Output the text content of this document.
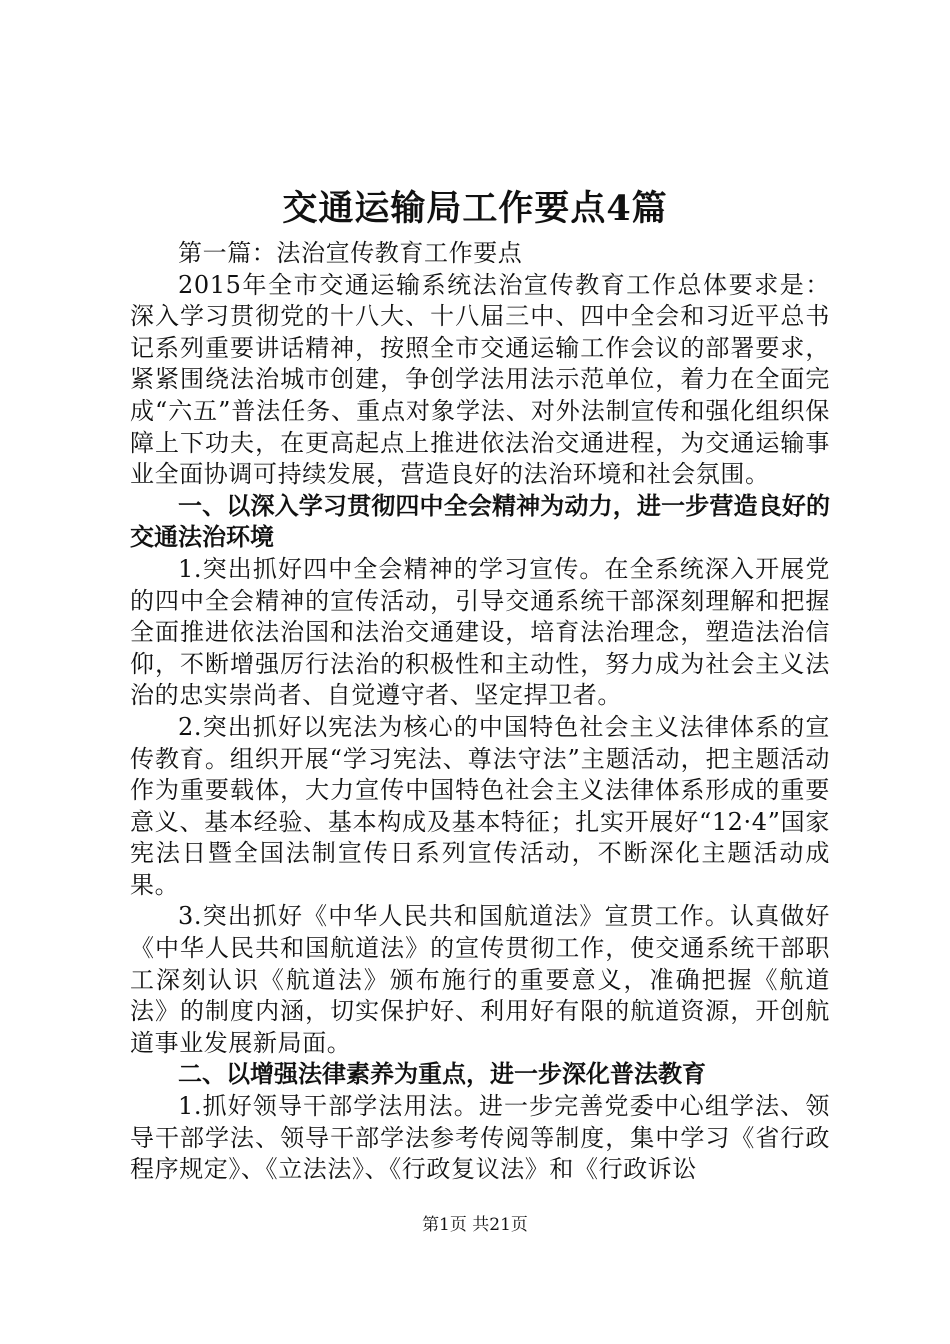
交通运输局工作要点4篇

第一篇：法治宣传教育工作要点

2015年全市交通运输系统法治宣传教育工作总体要求是：深入学习贯彻党的十八大、十八届三中、四中全会和习近平总书记系列重要讲话精神，按照全市交通运输工作会议的部署要求，紧紧围绕法治城市创建，争创学法用法示范单位，着力在全面完成“六五”普法任务、重点对象学法、对外法制宣传和强化组织保障上下功夫，在更高起点上推进依法治交通进程，为交通运输事业全面协调可持续发展，营造良好的法治环境和社会氛围。

一、以深入学习贯彻四中全会精神为动力，进一步营造良好的交通法治环境

1.突出抓好四中全会精神的学习宣传。在全系统深入开展党的四中全会精神的宣传活动，引导交通系统干部深刻理解和把握全面推进依法治国和法治交通建设，培育法治理念，塑造法治信仰，不断增强厉行法治的积极性和主动性，努力成为社会主义法治的忠实崇尚者、自觉遵守者、坚定捍卫者。

2.突出抓好以宪法为核心的中国特色社会主义法律体系的宣传教育。组织开展“学习宪法、尊法守法”主题活动，把主题活动作为重要载体，大力宣传中国特色社会主义法律体系形成的重要意义、基本经验、基本构成及基本特征；扎实开展好“12·4”国家宪法日暨全国法制宣传日系列宣传活动，不断深化主题活动成果。

3.突出抓好《中华人民共和国航道法》宣贯工作。认真做好《中华人民共和国航道法》的宣传贯彻工作，使交通系统干部职工深刻认识《航道法》颁布施行的重要意义，准确把握《航道法》的制度内涵，切实保护好、利用好有限的航道资源，开创航道事业发展新局面。

二、以增强法律素养为重点，进一步深化普法教育

1.抓好领导干部学法用法。进一步完善党委中心组学法、领导干部学法、领导干部学法参考传阅等制度，集中学习《省行政程序规定》、《立法法》、《行政复议法》和《行政诉讼

第1页 共21页
